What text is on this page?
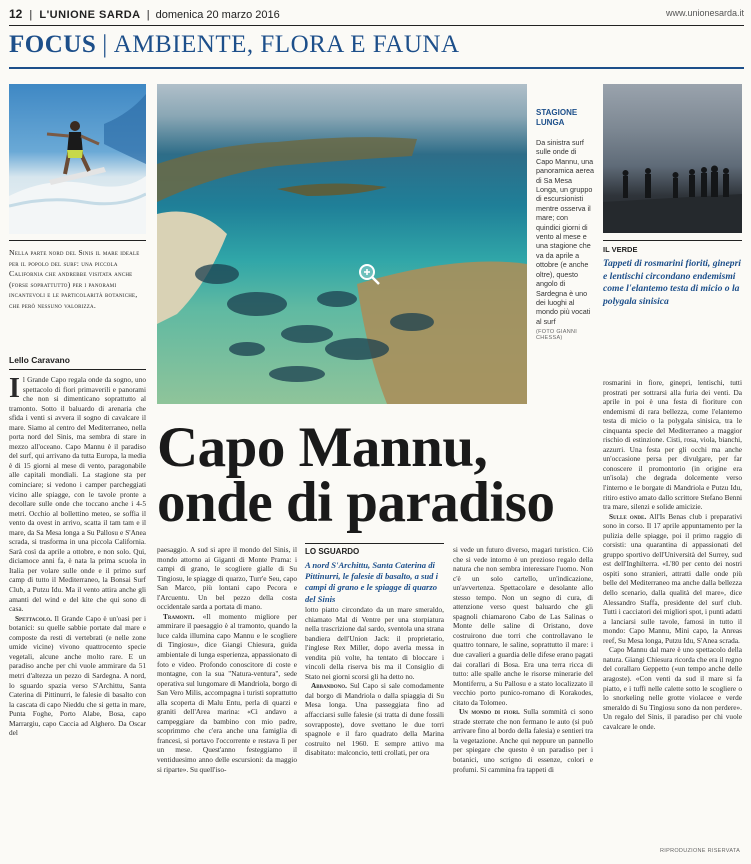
12 | L'UNIONE SARDA | domenica 20 marzo 2016	www.unionesarda.it
FOCUS | AMBIENTE, FLORA E FAUNA
STAGIONE
LUNGA
Da sinistra surf sulle onde di Capo Mannu, una panoramica aerea di Sa Mesa Longa, un gruppo di escursionisti mentre osserva il mare; con quindici giorni di vento al mese e una stagione che va da aprile a ottobre (e anche oltre), questo angolo di Sardegna è uno dei luoghi al mondo più vocati al surf
(FOTO GIANNI CHESSA)
IL VERDE
Tappeti di rosmarini fioriti, ginepri e lentischi circondano endemismi come l'elantemo testa di micio o la polygala sinisica
Nella parte nord del Sinis il mare ideale per il popolo del surf: una piccola California che andrebbe visitata anche (forse soprattutto) per i panorami incantevoli e le particolarità botaniche, che però nessuno valorizza.
Lello Caravano
Capo Mannu,
onde di paradiso
LO SGUARDO
A nord S'Archittu, Santa Caterina di Pittinurri, le falesie di basalto, a sud i campi di grano e le spiagge di quarzo del Sinis

Il Grande Capo regala onde da sogno, uno spettacolo di fiori primaverili e panorami che non si dimenticano soprattutto al tramonto. Sotto il baluardo di arenaria che sfida i venti si avvera il sogno di cavalcare il mare. Siamo al centro del Mediterraneo, nella porta nord del Sinis, ma sembra di stare in mezzo all'oceano. Capo Mannu è il paradiso del surf, qui arrivano da tutta Europa, la media è di 15 giorni al mese di vento, paragonabile alle capitali mondiali. La stagione sta per cominciare; si vedono i camper parcheggiati vicino alle spiagge, con le tavole pronte a decollare sulle onde che toccano anche i 4-5 metri. Occhio al bollettino meteo, se soffia il vento da ovest in arrivo, scatta il tam tam e il mare, da Sa Mesa longa a Su Pallosu e S'Anea scrada, si trasforma in una piccola California. Sarà così da aprile a ottobre, e non solo. Qui, diciamoce anni fa, è nata la prima scuola in Italia per volare sulle onde e il primo surf camp di tutto il Mediterraneo, la Bonsai Surf Club, a Putzu Idu. Ma il vento attira anche gli amanti del wind e del kite che qui sono di casa.

Spettacolo. Il Grande Capo è un'oasi per i botanici: su quelle sabbie portate dal mare e composte da resti di vertebrati (e nelle zone umide vicine) vivono quattrocento specie vegetali, alcune anche molto rare. E un paradiso anche per chi vuole ammirare da 51 metri d'altezza un pezzo di Sardegna. A nord, lo sguardo spazia verso S'Archittu, Santa Caterina di Pittinurri, le falesie di basalto con la cascata di capo Nieddu che si getta in mare, Punta Foghe, Porto Alabe, Bosa, capo Marrargiu, capo Caccia ad Alghero. Da Oscar del

paesaggio. A sud si apre il mondo del Sinis, il mondo attorno ai Giganti di Monte Prama: i campi di grano, le scogliere gialle di Su Tingiosu, le spiagge di quarzo, Turr'e Seu, capo San Marco, più lontani capo Pecora e l'Arcuentu. Un bel pezzo della costa occidentale sarda a portata di mano.

Tramonti. «Il momento migliore per ammirare il paesaggio è al tramonto, quando la luce calda illumina capo Mannu e le scogliere di Tingiosu», dice Giangi Chiesura, guida ambientale di lunga esperienza, appassionato di foto e video. Profondo conoscitore di coste e montagne, con la sua "Natura-ventura", sede operativa sul lungomare di Mandriola, borgo di San Vero Milis, accompagna i turisti soprattutto alla scoperta di Malu Entu, perla di quarzi e graniti dell'Area marina: «Ci andavo a campeggiare da bambino con mio padre, scoprimmo che c'era anche una famiglia di francesi, si portavo l'occorrente e restava lì per un mese. Quest'anno festeggiamo il ventiduesimo anno delle escursioni: da maggio si riparte». Su quell'iso-

lotto piatto circondato da un mare smeraldo, chiamato Mal di Ventre per una storpiatura nella trascrizione dal sardo, sventola una strana bandiera dell'Union Jack: il proprietario, l'inglese Rex Miller, dopo averla messa in vendita più volte, ha tentato di bloccare i vincoli della riserva bis ma il Consiglio di Stato nei giorni scorsi gli ha detto no.

Abbandono. Sul Capo si sale comodamente dal borgo di Mandriola o dalla spiaggia di Su Mesa longa. Una passeggiata fino ad affacciarsi sulle falesie (si tratta di dune fossili sovrapposte), dove svettano le due torri spagnole e il faro quadrato della Marina costruito nel 1960. E sempre attivo ma disabitato: malconcio, tetti crollati, per ora

si vede un futuro diverso, magari turistico. Ciò che si vede intorno è un prezioso regalo della natura che non sembra interessare l'uomo. Non c'è un solo cartello, un'indicazione, un'avvertenza. Spettacolare e desolante allo stesso tempo. Non un segno di cura, di attenzione verso quest baluardo che gli spagnoli chiamarono Cabo de Las Salinas o Monte delle saline di Oristano, dove costruirono due torri che controllavano le quattro tonnare, le saline, soprattutto il mare: i due cavalieri a guardia delle difese erano pagati dai corallari di Bosa. Era una terra ricca di tutto: alle spalle anche le risorse minerarie del Montiferru, a Su Pallosu e a stato localizzato il vecchio porto punico-romano di Korakodes, citato da Tolomeo.

Un mondo di fiori. Sulla sommità ci sono strade sterrate che non fermano le auto (si può arrivare fino al bordo della falesia) e sentieri tra la vegetazione. Anche qui neppure un pannello per spiegare che questo è un paradiso per i botanici, uno scrigno di essenze, colori e profumi. Si cammina fra tappeti di

rosmarini in fiore, ginepri, lentischi, tutti prostrati per sottrarsi alla furia dei venti. Da aprile in poi è una festa di fioriture con endemismi di rara bellezza, come l'elantemo testa di micio o la polygala sinisica, tra le cinquanta specie del Mediterraneo a maggior rischio di estinzione. Cisti, rosa, viola, bianchi, azzurri. Una festa per gli occhi ma anche un'occasione persa per divulgare, per far conoscere il promontorio (in origine era un'isola) che degrada dolcemente verso l'interno e le borgate di Mandriola e Putzu Idu, ritiro estivo amato dallo scrittore Stefano Benni tra mare, silenzi e solide amicizie.

Sulle onde. All'Is Benas club i preparativi sono in corso. Il 17 aprile appuntamento per la pulizia delle spiagge, poi il primo raggio di corsisti: una quarantina di appassionati del gruppo sportivo dell'Università del Surrey, sud est dell'Inghilterra. «L'80 per cento dei nostri ospiti sono stranieri, attratti dalle onde più belle del Mediterraneo ma anche dalla bellezza dello scenario, dalla qualità del mare», dice Alessandro Staffa, presidente del surf club. Tutti i cacciatori dei migliori spot, i punti adatti a lanciarsi sulle tavole, famosi in tutto il mondo: Capo Mannu, Mini capo, la Anreas reef, Su Mesa longa, Putzu Idu, S'Anea scrada.

Capo Mannu dal mare è uno spettacolo della natura. Giangi Chiesura ricorda che era il regno del corallaro Geppetto («un tempo anche delle aragoste). «Con venti da sud il mare si fa piatto, e i tuffi nelle calette sotto le scogliere o lo snorkeling nelle grotte violacee e verde smeraldo di Su Tingiosu sono da non perdere». Un regalo del Sinis, il paradiso per chi vuole cavalcare le onde.

RIPRODUZIONE RISERVATA
